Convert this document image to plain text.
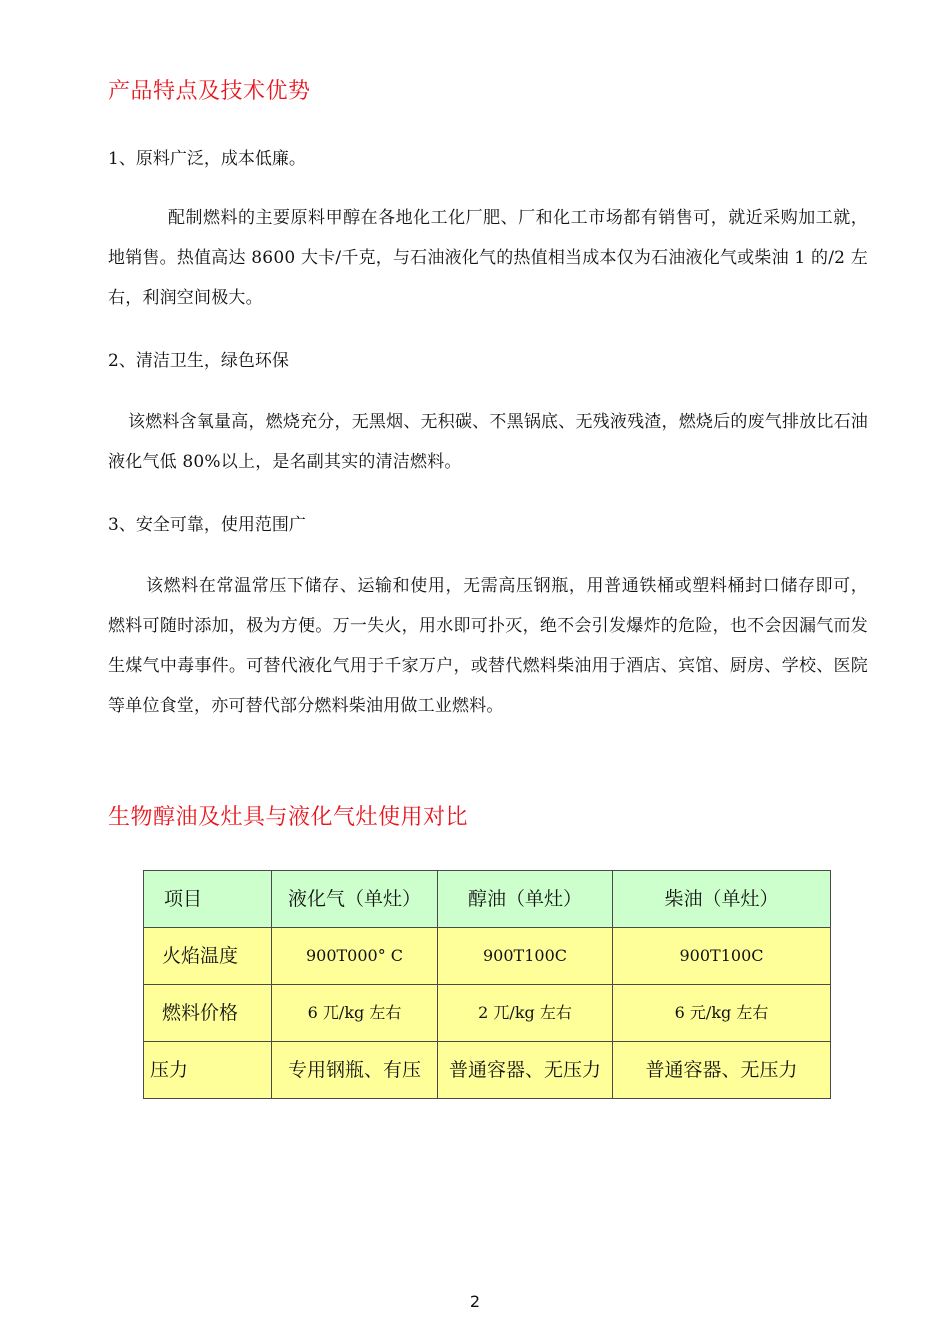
产品特点及技术优势

1、原料广泛，成本低廉。

配制燃料的主要原料甲醇在各地化工化厂肥、厂和化工市场都有销售可，就近采购加工就，地销售。热值高达 8600 大卡/千克，与石油液化气的热值相当成本仅为石油液化气或柴油 1 的/2 左右，利润空间极大。

2、清洁卫生，绿色环保

该燃料含氧量高，燃烧充分，无黑烟、无积碳、不黑锅底、无残液残渣，燃烧后的废气排放比石油液化气低 80%以上，是名副其实的清洁燃料。

3、安全可靠，使用范围广

该燃料在常温常压下储存、运输和使用，无需高压钢瓶，用普通铁桶或塑料桶封口储存即可，燃料可随时添加，极为方便。万一失火，用水即可扑灭，绝不会引发爆炸的危险，也不会因漏气而发生煤气中毒事件。可替代液化气用于千家万户，或替代燃料柴油用于酒店、宾馆、厨房、学校、医院等单位食堂，亦可替代部分燃料柴油用做工业燃料。

生物醇油及灶具与液化气灶使用对比
项目	液化气（单灶）	醇油（单灶）	柴油（单灶）
火焰温度	900T000° C	900T100C	900T100C
燃料价格	6 兀/kg 左右	2 兀/kg 左右	6 元/kg 左右
压力	专用钢瓶、有压	普通容器、无压力	普通容器、无压力
2
